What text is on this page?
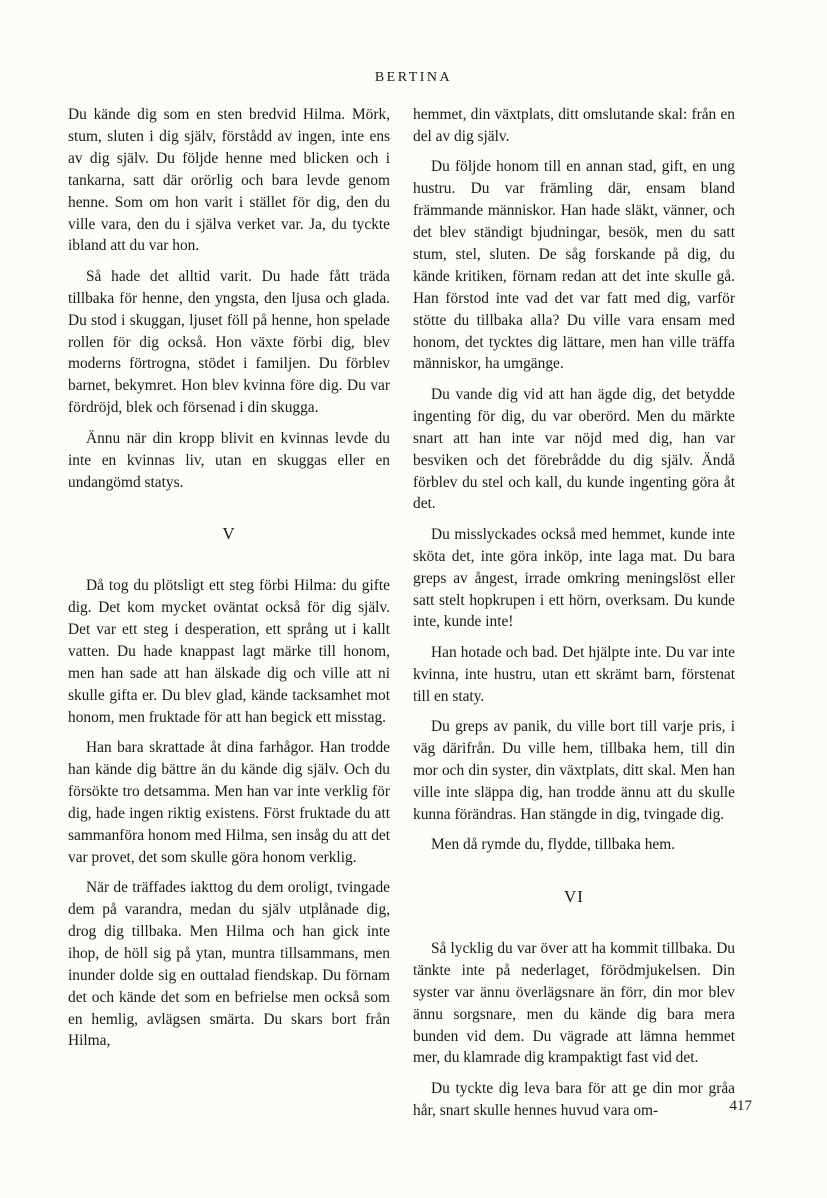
BERTINA

Du kände dig som en sten bredvid Hilma. Mörk, stum, sluten i dig själv, förstådd av ingen, inte ens av dig själv. Du följde henne med blicken och i tankarna, satt där orörlig och bara levde genom henne. Som om hon varit i stället för dig, den du ville vara, den du i själva verket var. Ja, du tyckte ibland att du var hon.

Så hade det alltid varit. Du hade fått träda tillbaka för henne, den yngsta, den ljusa och glada. Du stod i skuggan, ljuset föll på henne, hon spelade rollen för dig också. Hon växte förbi dig, blev moderns förtrogna, stödet i familjen. Du förblev barnet, bekymret. Hon blev kvinna före dig. Du var fördröjd, blek och försenad i din skugga.

Ännu när din kropp blivit en kvinnas levde du inte en kvinnas liv, utan en skuggas eller en undangömd statys.

V

Då tog du plötsligt ett steg förbi Hilma: du gifte dig. Det kom mycket oväntat också för dig själv. Det var ett steg i desperation, ett språng ut i kallt vatten. Du hade knappast lagt märke till honom, men han sade att han älskade dig och ville att ni skulle gifta er. Du blev glad, kände tacksamhet mot honom, men fruktade för att han begick ett misstag.

Han bara skrattade åt dina farhågor. Han trodde han kände dig bättre än du kände dig själv. Och du försökte tro detsamma. Men han var inte verklig för dig, hade ingen riktig existens. Först fruktade du att sammanföra honom med Hilma, sen insåg du att det var provet, det som skulle göra honom verklig.

När de träffades iakttog du dem oroligt, tvingade dem på varandra, medan du själv utplånade dig, drog dig tillbaka. Men Hilma och han gick inte ihop, de höll sig på ytan, muntra tillsammans, men inunder dolde sig en outtalad fiendskap. Du förnam det och kände det som en befrielse men också som en hemlig, avlägsen smärta. Du skars bort från Hilma,

hemmet, din växtplats, ditt omslutande skal: från en del av dig själv.

Du följde honom till en annan stad, gift, en ung hustru. Du var främling där, ensam bland främmande människor. Han hade släkt, vänner, och det blev ständigt bjudningar, besök, men du satt stum, stel, sluten. De såg forskande på dig, du kände kritiken, förnam redan att det inte skulle gå. Han förstod inte vad det var fatt med dig, varför stötte du tillbaka alla? Du ville vara ensam med honom, det tycktes dig lättare, men han ville träffa människor, ha umgänge.

Du vande dig vid att han ägde dig, det betydde ingenting för dig, du var oberörd. Men du märkte snart att han inte var nöjd med dig, han var besviken och det förebrådde du dig själv. Ändå förblev du stel och kall, du kunde ingenting göra åt det.

Du misslyckades också med hemmet, kunde inte sköta det, inte göra inköp, inte laga mat. Du bara greps av ångest, irrade omkring meningslöst eller satt stelt hopkrupen i ett hörn, overksam. Du kunde inte, kunde inte!

Han hotade och bad. Det hjälpte inte. Du var inte kvinna, inte hustru, utan ett skrämt barn, förstenat till en staty.

Du greps av panik, du ville bort till varje pris, i väg därifrån. Du ville hem, tillbaka hem, till din mor och din syster, din växtplats, ditt skal. Men han ville inte släppa dig, han trodde ännu att du skulle kunna förändras. Han stängde in dig, tvingade dig.

Men då rymde du, flydde, tillbaka hem.

VI

Så lycklig du var över att ha kommit tillbaka. Du tänkte inte på nederlaget, förödmjukelsen. Din syster var ännu överlägsnare än förr, din mor blev ännu sorgsnare, men du kände dig bara mera bunden vid dem. Du vägrade att lämna hemmet mer, du klamrade dig krampaktigt fast vid det.

Du tyckte dig leva bara för att ge din mor gråa hår, snart skulle hennes huvud vara om-	417
